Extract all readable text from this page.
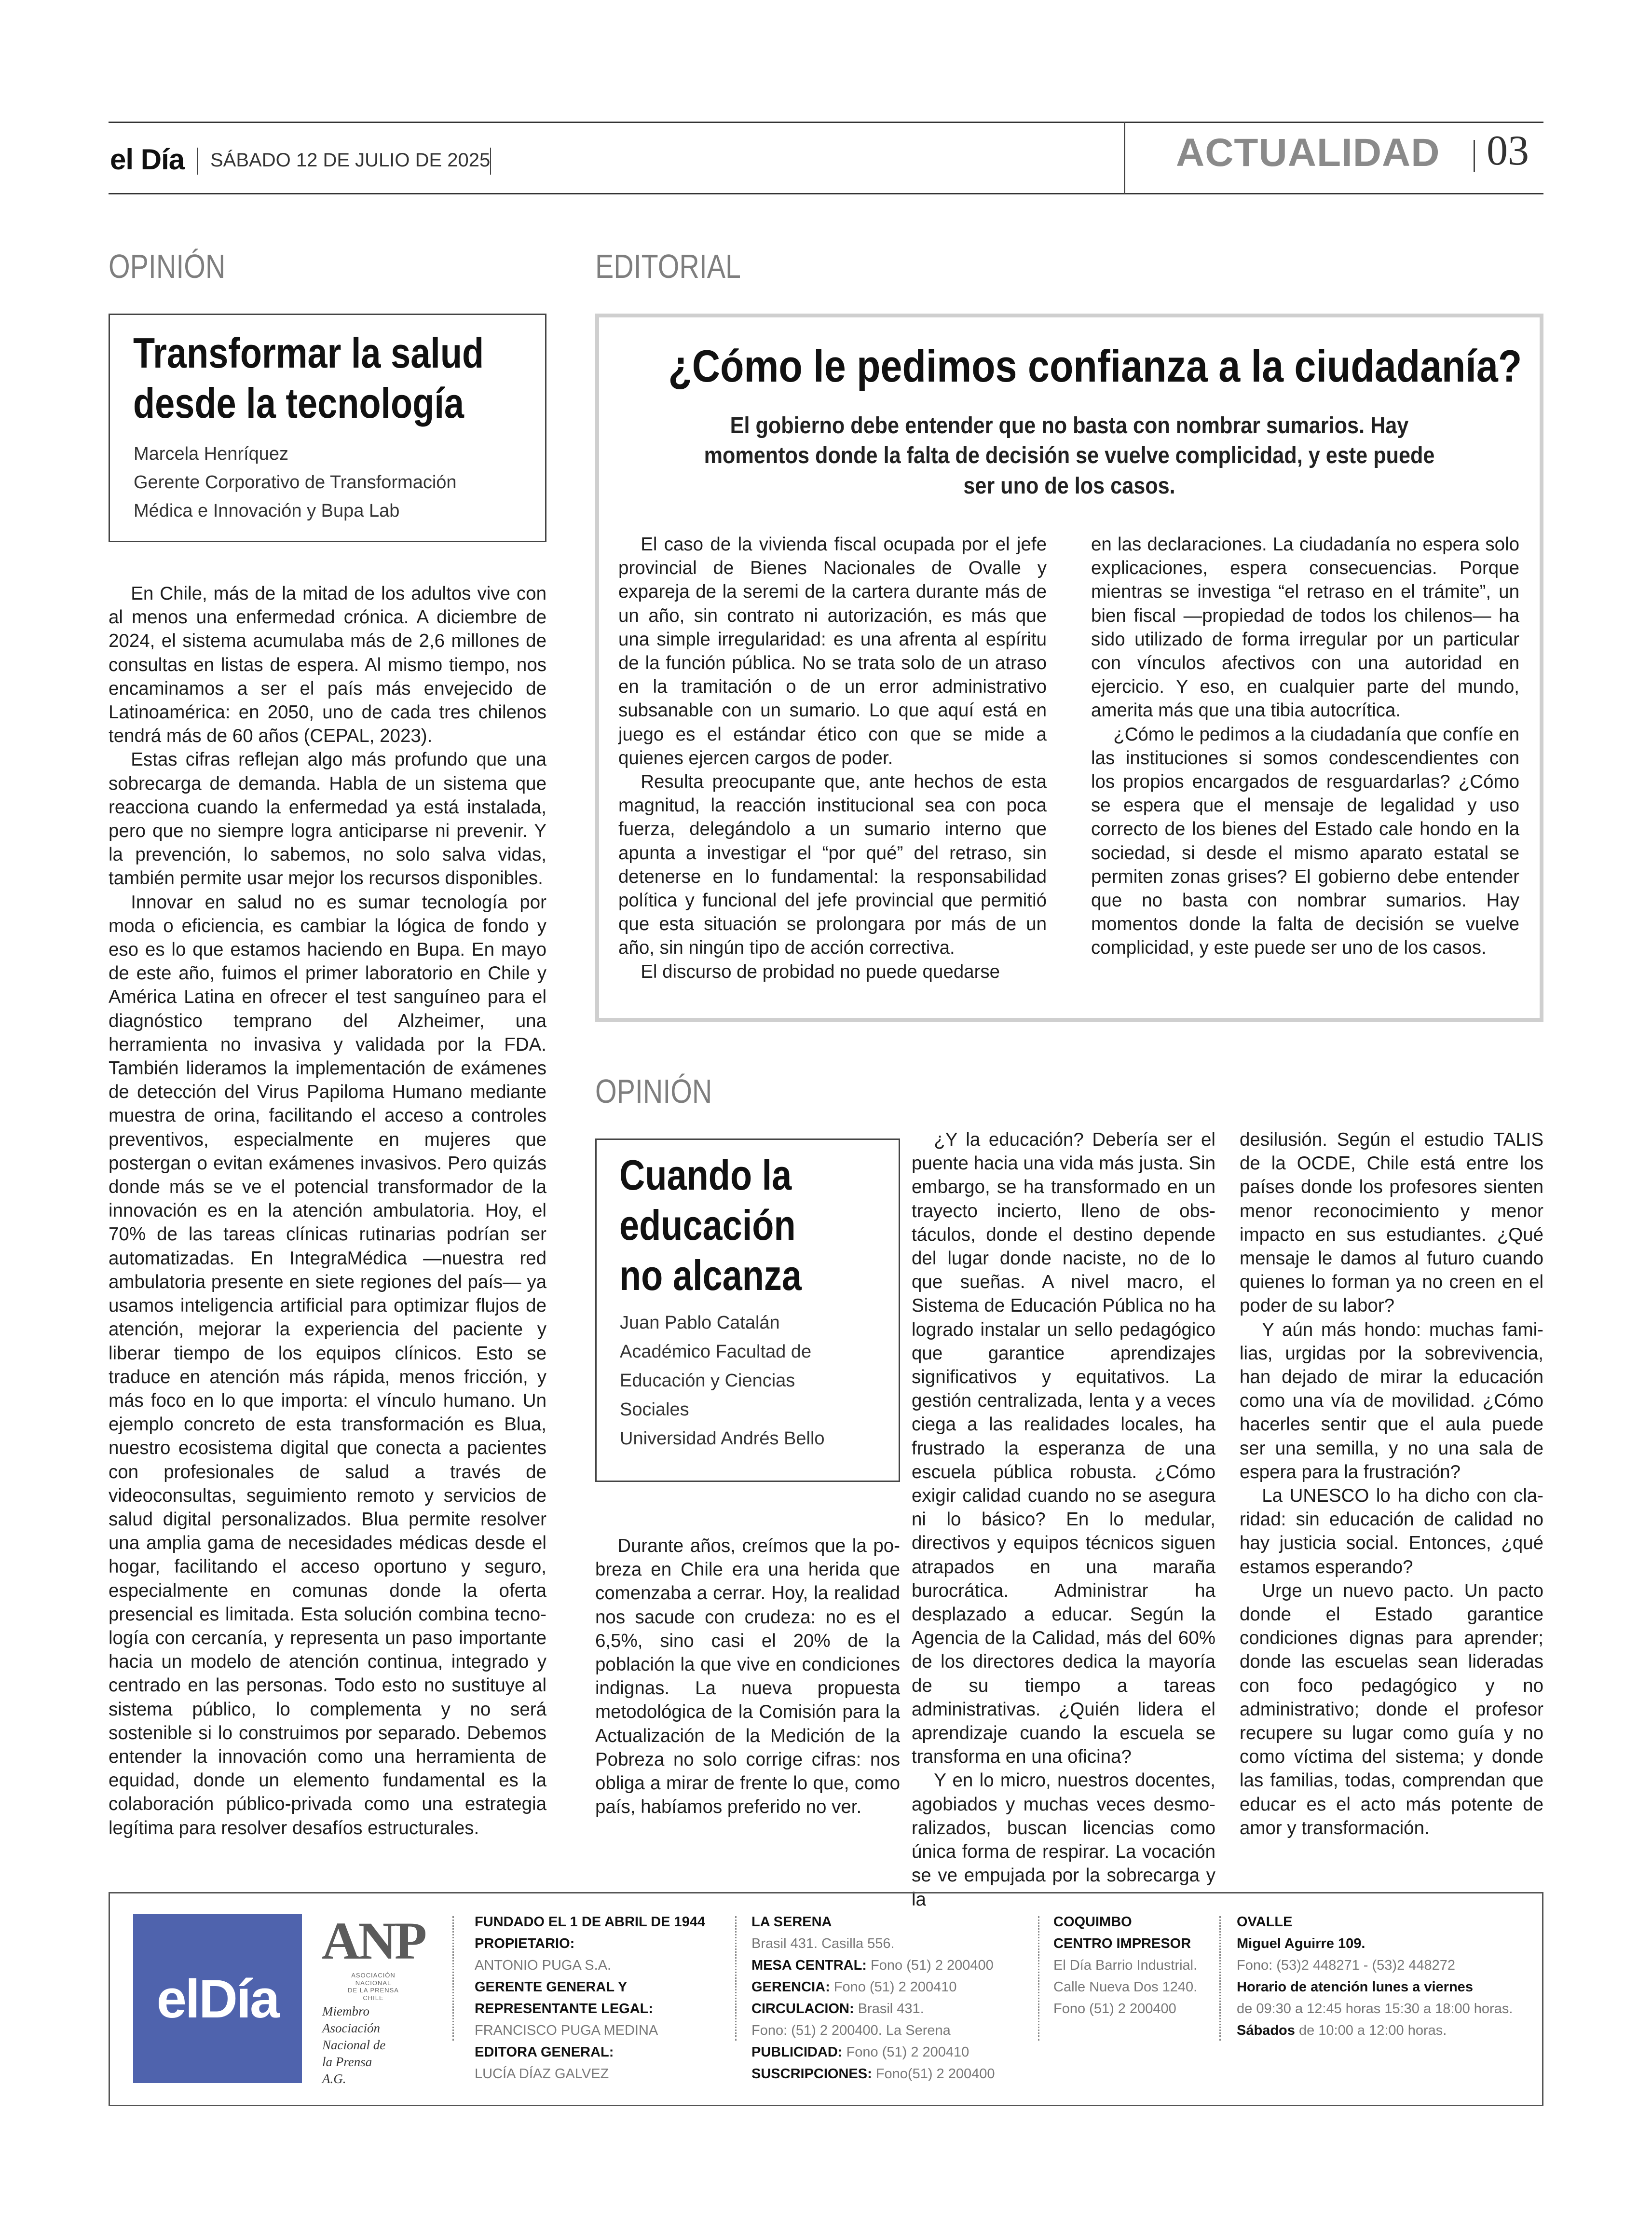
el Día SÁBADO 12 DE JULIO DE 2025	ACTUALIDAD 03
OPINIÓN
Transformar la salud
desde la tecnología
Marcela Henríquez
Gerente Corporativo de Transformación
Médica e Innovación y Bupa Lab

En Chile, más de la mitad de los adultos vive con al menos una enfermedad crónica. A diciembre de 2024, el sistema acumulaba más de 2,6 millones de consultas en listas de espera. Al mismo tiempo, nos encaminamos a ser el país más envejecido de Latinoamérica: en 2050, uno de cada tres chilenos tendrá más de 60 años (CEPAL, 2023).

Estas cifras reflejan algo más profundo que una sobrecarga de demanda. Habla de un sistema que reacciona cuando la enfermedad ya está instalada, pero que no siempre logra anticiparse ni prevenir. Y la prevención, lo sabemos, no solo salva vidas, también permite usar mejor los recursos disponibles.

Innovar en salud no es sumar tecnología por moda o eficiencia, es cambiar la lógica de fondo y eso es lo que estamos haciendo en Bupa. En mayo de este año, fuimos el primer laboratorio en Chile y América Latina en ofrecer el test sanguíneo para el diagnóstico temprano del Alzheimer, una herramienta no invasiva y validada por la FDA. También lideramos la implementación de exámenes de detección del Virus Papiloma Humano mediante muestra de orina, facilitando el acceso a controles preventivos, especialmente en mujeres que postergan o evitan exámenes invasivos. Pero quizás donde más se ve el potencial transformador de la innovación es en la atención ambulatoria. Hoy, el 70% de las tareas clínicas rutinarias podrían ser automatizadas. En IntegraMédica —nuestra red ambulatoria presente en siete regiones del país— ya usamos inteligencia artificial para optimizar flujos de atención, mejorar la experiencia del paciente y liberar tiempo de los equipos clínicos. Esto se traduce en atención más rápida, menos fricción, y más foco en lo que importa: el vínculo humano. Un ejemplo concreto de esta transformación es Blua, nuestro ecosistema digital que conecta a pacientes con profesionales de salud a través de videoconsultas, seguimiento remoto y servicios de salud digital personalizados. Blua permite resolver una amplia gama de necesidades médicas desde el hogar, facilitando el acceso oportuno y seguro, especialmente en comunas donde la oferta presencial es limitada. Esta solución combina tecnología con cercanía, y representa un paso importante hacia un modelo de atención continua, integrado y centrado en las personas. Todo esto no sustituye al sistema público, lo complementa y no será sostenible si lo construimos por separado. Debemos entender la innovación como una herramienta de equidad, donde un elemento fundamental es la colaboración público-privada como una estrategia legítima para resolver desafíos estructurales.

EDITORIAL
¿Cómo le pedimos confianza a la ciudadanía?
El gobierno debe entender que no basta con nombrar sumarios. Hay
momentos donde la falta de decisión se vuelve complicidad, y este puede
ser uno de los casos.

El caso de la vivienda fiscal ocupada por el jefe provincial de Bienes Nacionales de Ovalle y expareja de la seremi de la cartera durante más de un año, sin contrato ni autorización, es más que una simple irregularidad: es una afrenta al espíritu de la función pública. No se trata solo de un atraso en la tramitación o de un error administrativo subsanable con un sumario. Lo que aquí está en juego es el estándar ético con que se mide a quienes ejercen cargos de poder.

Resulta preocupante que, ante hechos de esta magnitud, la reacción institucional sea con poca fuerza, delegándolo a un sumario interno que apunta a investigar el “por qué” del retraso, sin detenerse en lo fundamental: la responsabilidad política y funcional del jefe provincial que permitió que esta situación se prolongara por más de un año, sin ningún tipo de acción correctiva.

El discurso de probidad no puede quedarse

en las declaraciones. La ciudadanía no espera solo explicaciones, espera consecuencias. Porque mientras se investiga “el retraso en el trámite”, un bien fiscal —propiedad de todos los chilenos— ha sido utilizado de forma irregular por un particular con vínculos afectivos con una autoridad en ejercicio. Y eso, en cualquier parte del mundo, amerita más que una tibia autocrítica.

¿Cómo le pedimos a la ciudadanía que confíe en las instituciones si somos condescendientes con los propios encargados de resguardarlas? ¿Cómo se espera que el mensaje de legalidad y uso correcto de los bienes del Estado cale hondo en la sociedad, si desde el mismo aparato estatal se permiten zonas grises? El gobierno debe entender que no basta con nombrar sumarios. Hay momentos donde la falta de decisión se vuelve complicidad, y este puede ser uno de los casos.

OPINIÓN
Cuando la
educación
no alcanza
Juan Pablo Catalán
Académico Facultad de
Educación y Ciencias
Sociales
Universidad Andrés Bello

Durante años, creímos que la pobreza en Chile era una herida que comenzaba a cerrar. Hoy, la realidad nos sacude con crudeza: no es el 6,5%, sino casi el 20% de la población la que vive en condiciones indignas. La nueva propuesta metodológica de la Comisión para la Actualización de la Medición de la Pobreza no solo corrige cifras: nos obliga a mirar de frente lo que, como país, habíamos preferido no ver.

¿Y la educación? Debería ser el puente hacia una vida más justa. Sin embargo, se ha transformado en un trayecto incierto, lleno de obstáculos, donde el destino depende del lugar donde naciste, no de lo que sueñas. A nivel macro, el Sistema de Educación Pública no ha logrado instalar un sello pedagógico que garantice aprendizajes significativos y equitativos. La gestión centralizada, lenta y a veces ciega a las realidades locales, ha frustrado la esperanza de una escuela pública robusta. ¿Cómo exigir calidad cuando no se asegura ni lo básico? En lo medular, directivos y equipos técnicos siguen atrapados en una maraña burocrática. Administrar ha desplazado a educar. Según la Agencia de la Calidad, más del 60% de los directores dedica la mayoría de su tiempo a tareas administrativas. ¿Quién lidera el aprendizaje cuando la escuela se transforma en una oficina?

Y en lo micro, nuestros docentes, agobiados y muchas veces desmoralizados, buscan licencias como única forma de respirar. La vocación se ve empujada por la sobrecarga y la

desilusión. Según el estudio TALIS de la OCDE, Chile está entre los países donde los profesores sienten menor reconocimiento y menor impacto en sus estudiantes. ¿Qué mensaje le damos al futuro cuando quienes lo forman ya no creen en el poder de su labor?

Y aún más hondo: muchas familias, urgidas por la sobrevivencia, han dejado de mirar la educación como una vía de movilidad. ¿Cómo hacerles sentir que el aula puede ser una semilla, y no una sala de espera para la frustración?

La UNESCO lo ha dicho con claridad: sin educación de calidad no hay justicia social. Entonces, ¿qué estamos esperando?

Urge un nuevo pacto. Un pacto donde el Estado garantice condiciones dignas para aprender; donde las escuelas sean lideradas con foco pedagógico y no administrativo; donde el profesor recupere su lugar como guía y no como víctima del sistema; y donde las familias, todas, comprendan que educar es el acto más potente de amor y transformación.

elDía
ANP
ASOCIACIÓN
NACIONAL
DE LA PRENSA
CHILE
Miembro
Asociación
Nacional de
la Prensa
A.G.
FUNDADO EL 1 DE ABRIL DE 1944
PROPIETARIO:
ANTONIO PUGA S.A.
GERENTE GENERAL Y
REPRESENTANTE LEGAL:
FRANCISCO PUGA MEDINA
EDITORA GENERAL:
LUCÍA DÍAZ GALVEZ
LA SERENA
Brasil 431. Casilla 556.
MESA CENTRAL: Fono (51) 2 200400
GERENCIA: Fono (51) 2 200410
CIRCULACION: Brasil 431.
Fono: (51) 2 200400. La Serena
PUBLICIDAD: Fono (51) 2 200410
SUSCRIPCIONES: Fono(51) 2 200400
COQUIMBO
CENTRO IMPRESOR
El Día Barrio Industrial.
Calle Nueva Dos 1240.
Fono (51) 2 200400
OVALLE
Miguel Aguirre 109.
Fono: (53)2 448271 - (53)2 448272
Horario de atención lunes a viernes
de 09:30 a 12:45 horas 15:30 a 18:00 horas.
Sábados de 10:00 a 12:00 horas.
